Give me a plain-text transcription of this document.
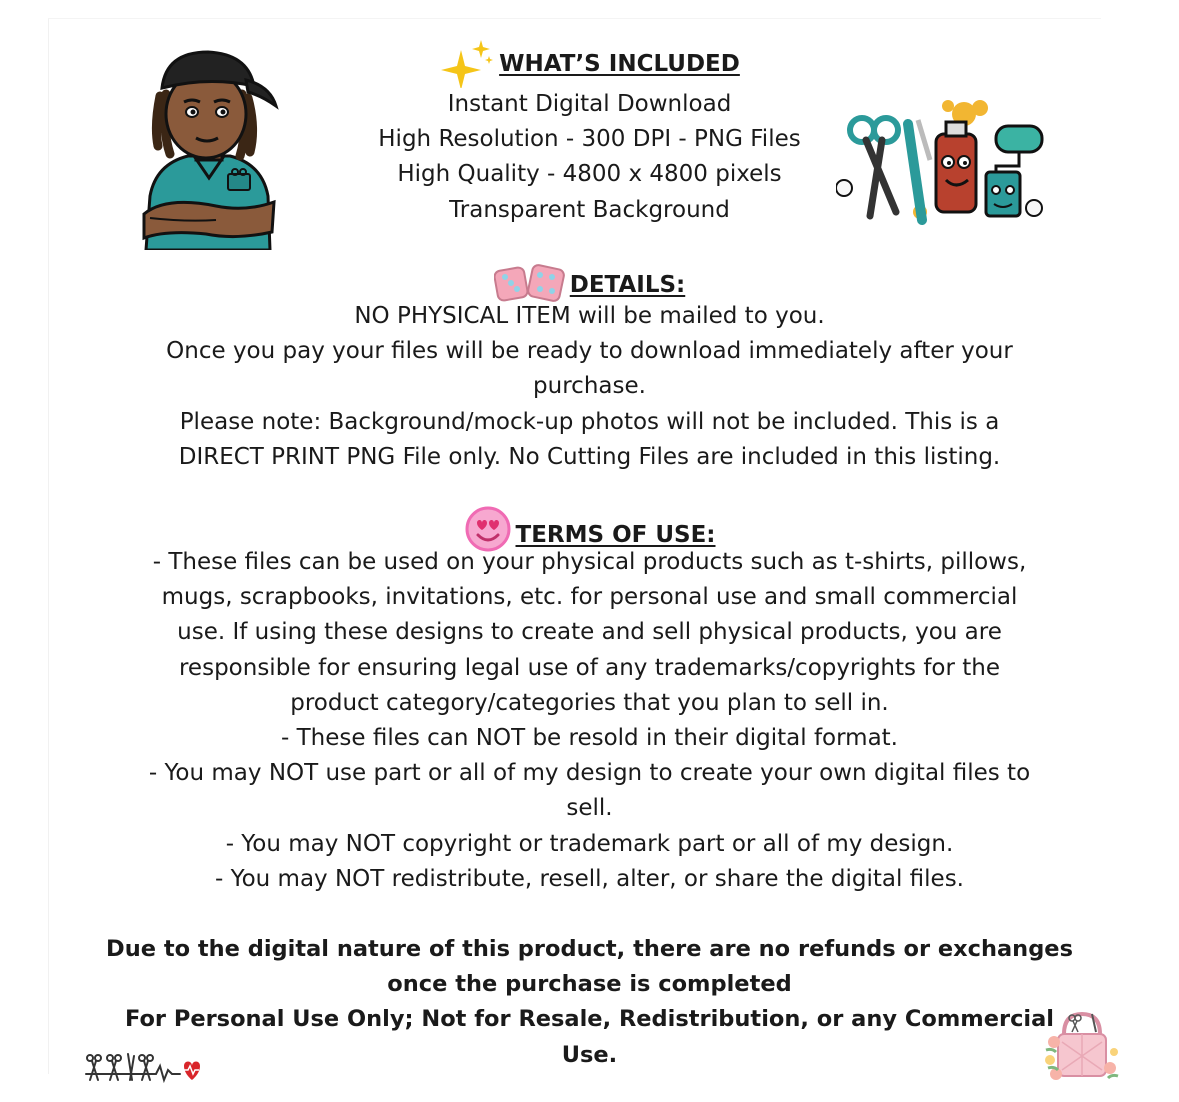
WHAT’S INCLUDED
Instant Digital Download
High Resolution - 300 DPI - PNG Files
High Quality - 4800 x 4800 pixels
Transparent Background
DETAILS:
NO PHYSICAL ITEM will be mailed to you.
Once you pay your files will be ready to download immediately after your
purchase.
Please note: Background/mock-up photos will not be included. This is a
DIRECT PRINT PNG File only. No Cutting Files are included in this listing.
TERMS OF USE:
- These files can be used on your physical products such as t-shirts, pillows,
mugs, scrapbooks, invitations, etc. for personal use and small commercial
use. If using these designs to create and sell physical products, you are
responsible for ensuring legal use of any trademarks/copyrights for the
product category/categories that you plan to sell in.
- These files can NOT be resold in their digital format.
- You may NOT use part or all of my design to create your own digital files to
sell.
- You may NOT copyright or trademark part or all of my design.
- You may NOT redistribute, resell, alter, or share the digital files.
Due to the digital nature of this product, there are no refunds or exchanges
once the purchase is completed
For Personal Use Only; Not for Resale, Redistribution, or any Commercial
Use.
